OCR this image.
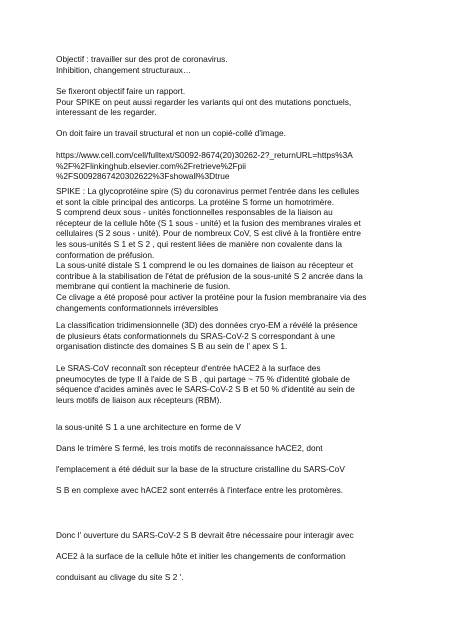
Objectif : travailler sur des prot de coronavirus.
Inhibition, changement structuraux…
Se fixeront objectif faire un rapport.
Pour SPIKE on peut aussi regarder les variants qui ont des mutations ponctuels,
interessant de les regarder.
On doit faire un travail structural et non un copié-collé d'image.
https://www.cell.com/cell/fulltext/S0092-8674(20)30262-2?_returnURL=https%3A
%2F%2Flinkinghub.elsevier.com%2Fretrieve%2Fpii
%2FS0092867420302622%3Fshowall%3Dtrue
SPIKE : La glycoprotéine spire (S) du coronavirus permet l'entrée dans les cellules
et sont la cible principal des anticorps. La protéine S forme un homotrimère.
S comprend deux sous - unités fonctionnelles responsables de la liaison au
récepteur de la cellule hôte (S 1 sous - unité) et la fusion des membranes virales et
cellulaires (S 2 sous - unité). Pour de nombreux CoV, S est clivé à la frontière entre
les sous-unités S 1 et S 2 , qui restent liées de manière non covalente dans la
conformation de préfusion.
La sous-unité distale S 1 comprend le ou les domaines de liaison au récepteur et
contribue à la stabilisation de l'état de préfusion de la sous-unité S 2 ancrée dans la
membrane qui contient la machinerie de fusion.
Ce clivage a été proposé pour activer la protéine pour la fusion membranaire via des
changements conformationnels irréversibles
La classification tridimensionnelle (3D) des données cryo-EM a révélé la présence
de plusieurs états conformationnels du SRAS-CoV-2 S correspondant à une
organisation distincte des domaines S B au sein de l' apex S 1.
Le SRAS-CoV reconnaît son récepteur d'entrée hACE2 à la surface des
pneumocytes de type II à l'aide de S B , qui partage ~ 75 % d'identité globale de
séquence d'acides aminés avec le SARS-CoV-2 S B et 50 % d'identité au sein de
leurs motifs de liaison aux récepteurs (RBM).
la sous-unité S 1 a une architecture en forme de V
Dans le trimère S fermé, les trois motifs de reconnaissance hACE2, dont
l'emplacement a été déduit sur la base de la structure cristalline du SARS-CoV
S B en complexe avec hACE2 sont enterrés à l'interface entre les protomères.
Donc l' ouverture du SARS-CoV-2 S B devrait être nécessaire pour interagir avec
ACE2 à la surface de la cellule hôte et initier les changements de conformation
conduisant au clivage du site S 2 '.
